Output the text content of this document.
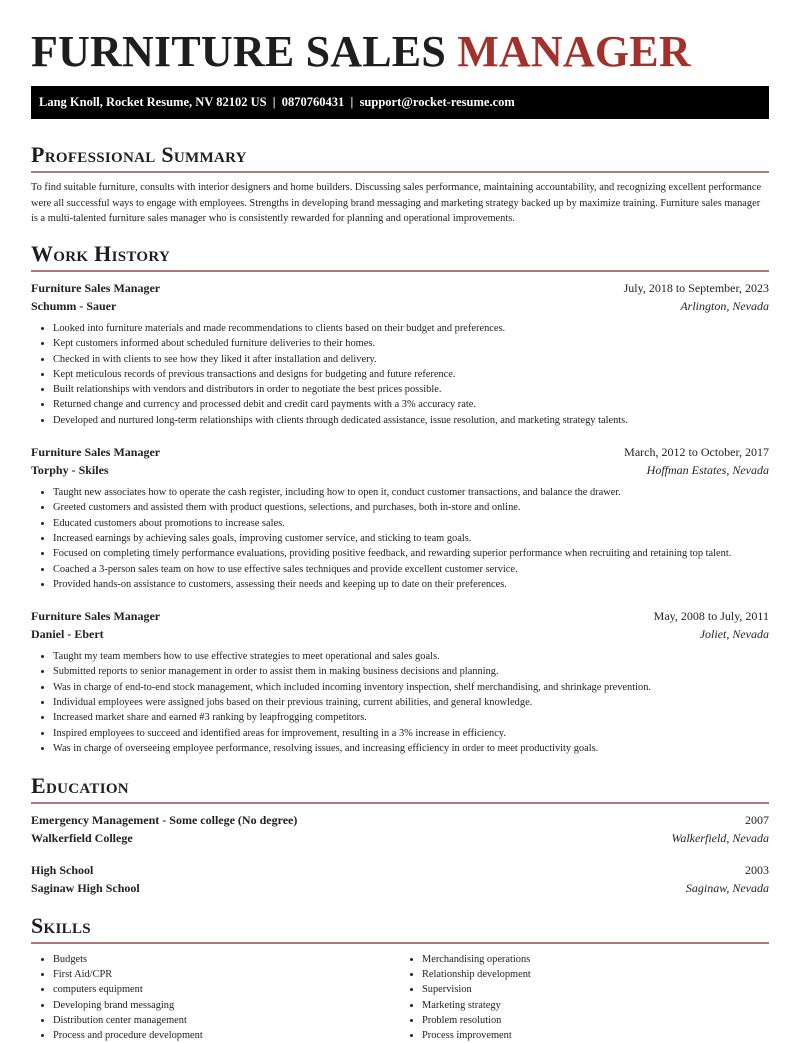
FURNITURE SALES MANAGER
Lang Knoll, Rocket Resume, NV 82102 US  |  0870760431  |  support@rocket-resume.com
Professional Summary
To find suitable furniture, consults with interior designers and home builders. Discussing sales performance, maintaining accountability, and recognizing excellent performance were all successful ways to engage with employees. Strengths in developing brand messaging and marketing strategy backed up by maximize training. Furniture sales manager is a multi-talented furniture sales manager who is consistently rewarded for planning and operational improvements.
Work History
Furniture Sales Manager	July, 2018 to September, 2023
Schumm - Sauer	Arlington, Nevada
• Looked into furniture materials and made recommendations to clients based on their budget and preferences.
• Kept customers informed about scheduled furniture deliveries to their homes.
• Checked in with clients to see how they liked it after installation and delivery.
• Kept meticulous records of previous transactions and designs for budgeting and future reference.
• Built relationships with vendors and distributors in order to negotiate the best prices possible.
• Returned change and currency and processed debit and credit card payments with a 3% accuracy rate.
• Developed and nurtured long-term relationships with clients through dedicated assistance, issue resolution, and marketing strategy talents.
Furniture Sales Manager	March, 2012 to October, 2017
Torphy - Skiles	Hoffman Estates, Nevada
• Taught new associates how to operate the cash register, including how to open it, conduct customer transactions, and balance the drawer.
• Greeted customers and assisted them with product questions, selections, and purchases, both in-store and online.
• Educated customers about promotions to increase sales.
• Increased earnings by achieving sales goals, improving customer service, and sticking to team goals.
• Focused on completing timely performance evaluations, providing positive feedback, and rewarding superior performance when recruiting and retaining top talent.
• Coached a 3-person sales team on how to use effective sales techniques and provide excellent customer service.
• Provided hands-on assistance to customers, assessing their needs and keeping up to date on their preferences.
Furniture Sales Manager	May, 2008 to July, 2011
Daniel - Ebert	Joliet, Nevada
• Taught my team members how to use effective strategies to meet operational and sales goals.
• Submitted reports to senior management in order to assist them in making business decisions and planning.
• Was in charge of end-to-end stock management, which included incoming inventory inspection, shelf merchandising, and shrinkage prevention.
• Individual employees were assigned jobs based on their previous training, current abilities, and general knowledge.
• Increased market share and earned #3 ranking by leapfrogging competitors.
• Inspired employees to succeed and identified areas for improvement, resulting in a 3% increase in efficiency.
• Was in charge of overseeing employee performance, resolving issues, and increasing efficiency in order to meet productivity goals.
Education
Emergency Management - Some college (No degree)	2007
Walkerfield College	Walkerfield, Nevada
High School	2003
Saginaw High School	Saginaw, Nevada
Skills
• Budgets
• First Aid/CPR
• computers equipment
• Developing brand messaging
• Distribution center management
• Process and procedure development
• Merchandising operations
• Relationship development
• Supervision
• Marketing strategy
• Problem resolution
• Process improvement
